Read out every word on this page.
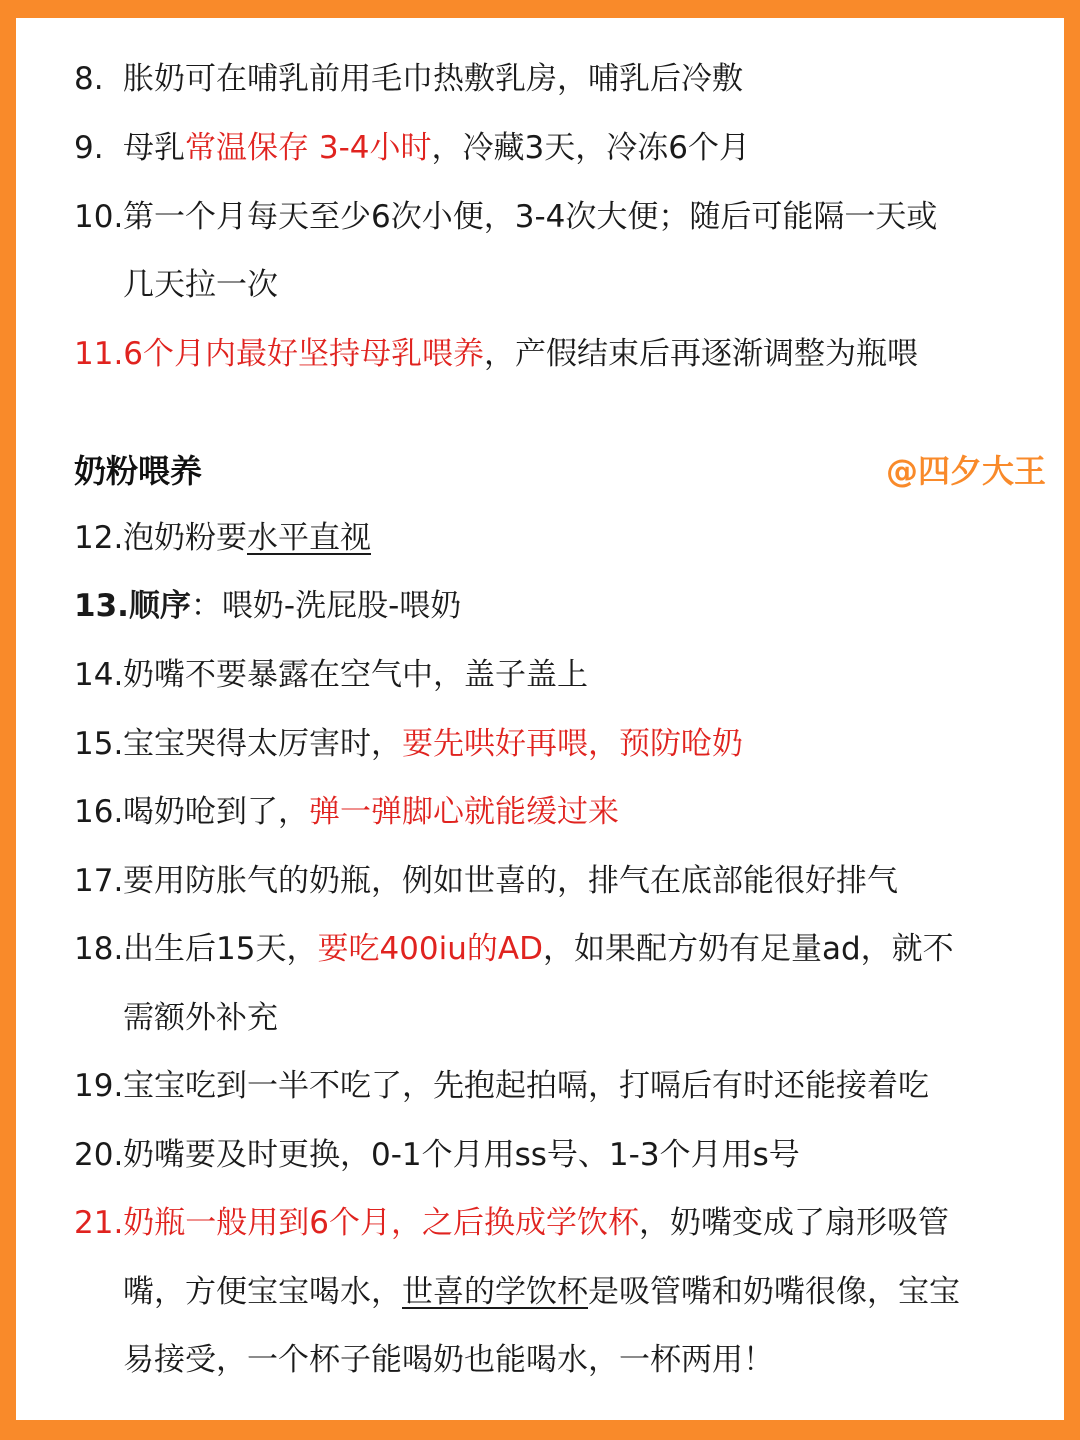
8. 胀奶可在哺乳前用毛巾热敷乳房，哺乳后冷敷
9. 母乳常温保存 3-4小时，冷藏3天，冷冻6个月
10.第一个月每天至少6次小便，3-4次大便；随后可能隔一天或
几天拉一次
11.6个月内最好坚持母乳喂养，产假结束后再逐渐调整为瓶喂
奶粉喂养	@四夕大王
12.泡奶粉要水平直视
13.顺序：喂奶-洗屁股-喂奶
14.奶嘴不要暴露在空气中，盖子盖上
15.宝宝哭得太厉害时，要先哄好再喂，预防呛奶
16.喝奶呛到了，弹一弹脚心就能缓过来
17.要用防胀气的奶瓶，例如世喜的，排气在底部能很好排气
18.出生后15天，要吃400iu的AD，如果配方奶有足量ad，就不
需额外补充
19.宝宝吃到一半不吃了，先抱起拍嗝，打嗝后有时还能接着吃
20.奶嘴要及时更换，0-1个月用ss号、1-3个月用s号
21.奶瓶一般用到6个月，之后换成学饮杯，奶嘴变成了扇形吸管
嘴，方便宝宝喝水，世喜的学饮杯是吸管嘴和奶嘴很像，宝宝
易接受，一个杯子能喝奶也能喝水，一杯两用！
